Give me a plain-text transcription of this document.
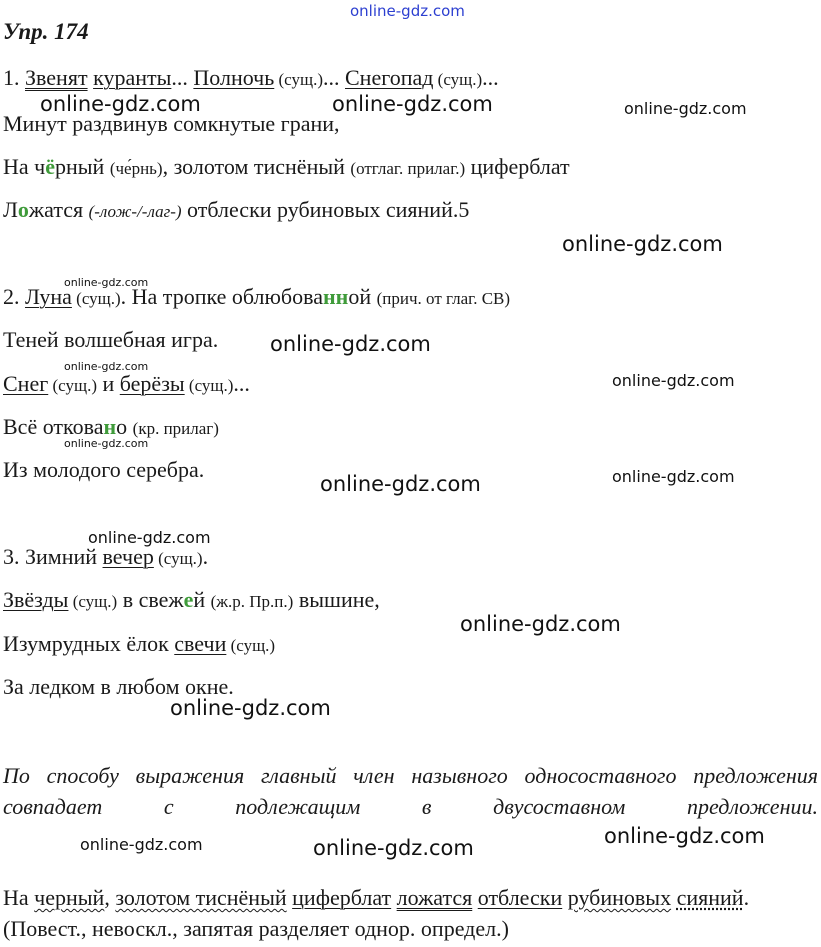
Упр. 174
1. Звенят куранты... Полночь (сущ.)... Снегопад (сущ.)...
Минут раздвинув сомкнутые грани,
На чёрный (че́рнь), золотом тиснёный (отглаг. прилаг.) циферблат
Ложатся (-лож-/-лаг-) отблески рубиновых сияний.5
2. Луна (сущ.). На тропке облюбованной (прич. от глаг. СВ)
Теней волшебная игра.
Снег (сущ.) и берёзы (сущ.)...
Всё отковано (кр. прилаг)
Из молодого серебра.
3. Зимний вечер (сущ.).
Звёзды (сущ.) в свежей (ж.р. Пр.п.) вышине,
Изумрудных ёлок свечи (сущ.)
За ледком в любом окне.
По способу выражения главный член назывного односоставного предложения совпадает с подлежащим в двусоставном предложении.
На черный, золотом тиснёный циферблат ложатся отблески рубиновых сияний. (Повест., невоскл., запятая разделяет однор. определ.)
online-gdz.com
online-gdz.com	online-gdz.com	online-gdz.com
online-gdz.com
online-gdz.com
online-gdz.com
online-gdz.com
online-gdz.com
online-gdz.com
online-gdz.com
online-gdz.com
online-gdz.com
online-gdz.com
online-gdz.com
online-gdz.com
online-gdz.com	online-gdz.com
